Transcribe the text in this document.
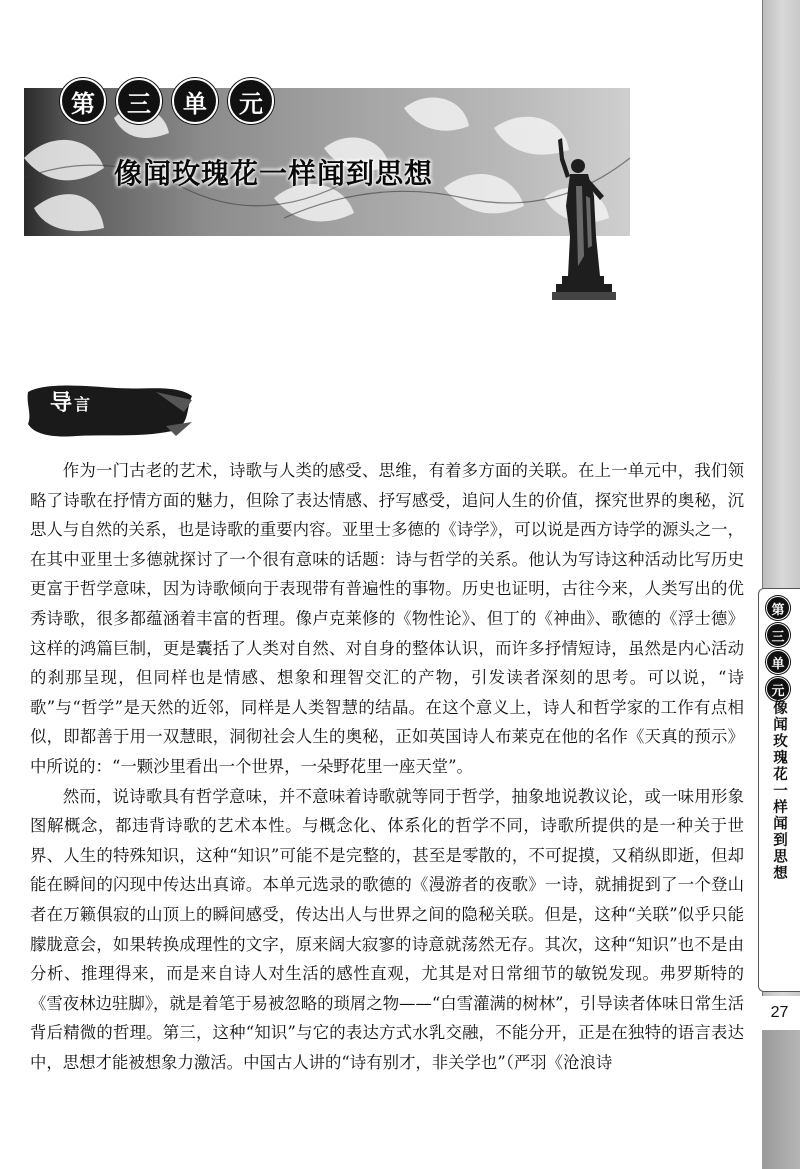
第	三	单	元
像闻玫瑰花一样闻到思想
导言

作为一门古老的艺术，诗歌与人类的感受、思维，有着多方面的关联。在上一单元中，我们领略了诗歌在抒情方面的魅力，但除了表达情感、抒写感受，追问人生的价值，探究世界的奥秘，沉思人与自然的关系，也是诗歌的重要内容。亚里士多德的《诗学》，可以说是西方诗学的源头之一，在其中亚里士多德就探讨了一个很有意味的话题：诗与哲学的关系。他认为写诗这种活动比写历史更富于哲学意味，因为诗歌倾向于表现带有普遍性的事物。历史也证明，古往今来，人类写出的优秀诗歌，很多都蕴涵着丰富的哲理。像卢克莱修的《物性论》、但丁的《神曲》、歌德的《浮士德》这样的鸿篇巨制，更是囊括了人类对自然、对自身的整体认识，而许多抒情短诗，虽然是内心活动的刹那呈现，但同样也是情感、想象和理智交汇的产物，引发读者深刻的思考。可以说，“诗歌”与“哲学”是天然的近邻，同样是人类智慧的结晶。在这个意义上，诗人和哲学家的工作有点相似，即都善于用一双慧眼，洞彻社会人生的奥秘，正如英国诗人布莱克在他的名作《天真的预示》中所说的：“一颗沙里看出一个世界，一朵野花里一座天堂”。

然而，说诗歌具有哲学意味，并不意味着诗歌就等同于哲学，抽象地说教议论，或一味用形象图解概念，都违背诗歌的艺术本性。与概念化、体系化的哲学不同，诗歌所提供的是一种关于世界、人生的特殊知识，这种“知识”可能不是完整的，甚至是零散的，不可捉摸，又稍纵即逝，但却能在瞬间的闪现中传达出真谛。本单元选录的歌德的《漫游者的夜歌》一诗，就捕捉到了一个登山者在万籁俱寂的山顶上的瞬间感受，传达出人与世界之间的隐秘关联。但是，这种“关联”似乎只能朦胧意会，如果转换成理性的文字，原来阔大寂寥的诗意就荡然无存。其次，这种“知识”也不是由分析、推理得来，而是来自诗人对生活的感性直观，尤其是对日常细节的敏锐发现。弗罗斯特的《雪夜林边驻脚》，就是着笔于易被忽略的琐屑之物——“白雪灌满的树林”，引导读者体味日常生活背后精微的哲理。第三，这种“知识”与它的表达方式水乳交融，不能分开，正是在独特的语言表达中，思想才能被想象力激活。中国古人讲的“诗有别才，非关学也”（严羽《沧浪诗

第
三
单
元
像闻玫瑰花一样闻到思想
27
